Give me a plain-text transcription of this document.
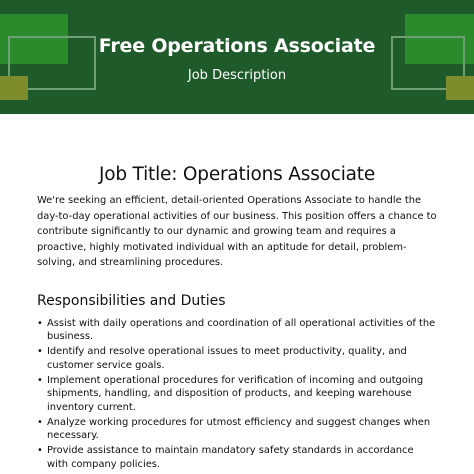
Free Operations Associate
Job Description
Job Title: Operations Associate

We're seeking an efficient, detail-oriented Operations Associate to handle the day-to-day operational activities of our business. This position offers a chance to contribute significantly to our dynamic and growing team and requires a proactive, highly motivated individual with an aptitude for detail, problem-solving, and streamlining procedures.

Responsibilities and Duties
• Assist with daily operations and coordination of all operational activities of the business.
• Identify and resolve operational issues to meet productivity, quality, and customer service goals.
• Implement operational procedures for verification of incoming and outgoing shipments, handling, and disposition of products, and keeping warehouse inventory current.
• Analyze working procedures for utmost efficiency and suggest changes when necessary.
• Provide assistance to maintain mandatory safety standards in accordance with company policies.
